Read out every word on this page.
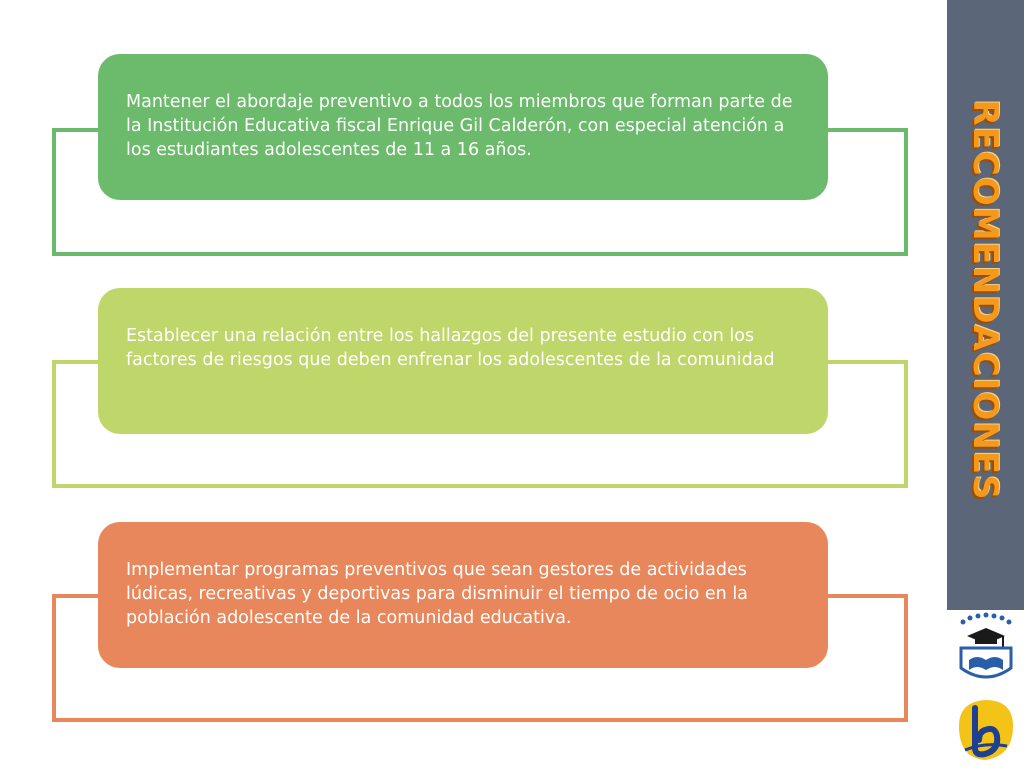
Mantener el abordaje preventivo a todos los miembros que forman parte de la Institución Educativa fiscal Enrique Gil Calderón, con especial atención a los estudiantes adolescentes de 11 a 16 años.
Establecer una relación entre los hallazgos del presente estudio con los factores de riesgos que deben enfrenar los adolescentes de la comunidad
Implementar programas preventivos que sean gestores de actividades lúdicas, recreativas y deportivas para disminuir el tiempo de ocio en la población adolescente de la comunidad educativa.
RECOMENDACIONES
